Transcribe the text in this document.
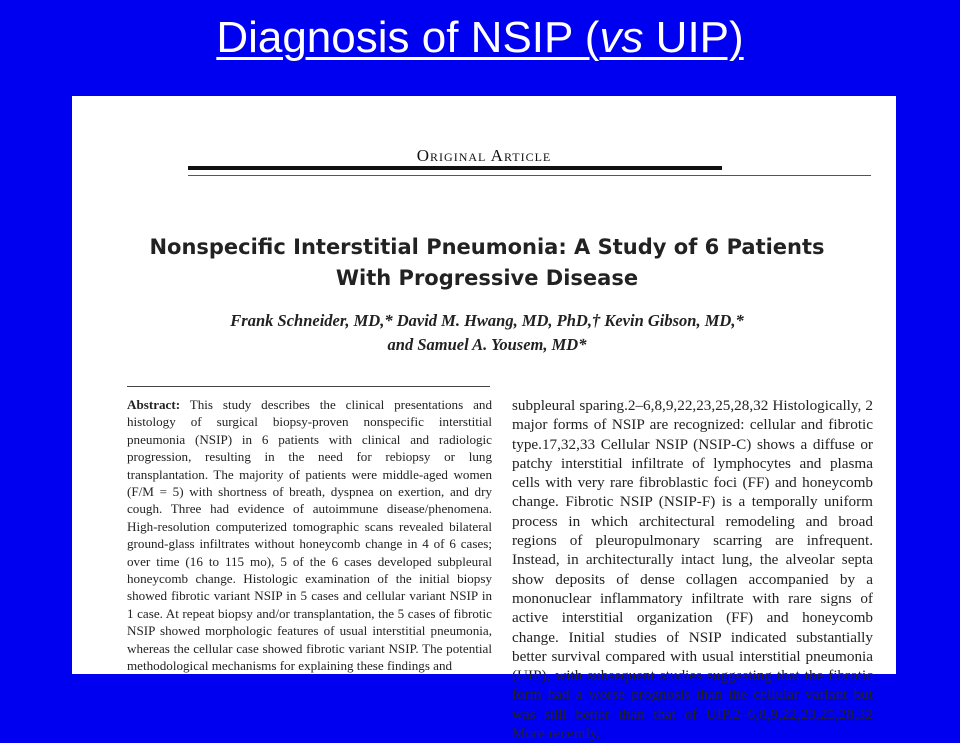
Diagnosis of NSIP (vs UIP)
Original Article
Nonspecific Interstitial Pneumonia: A Study of 6 Patients
With Progressive Disease
Frank Schneider, MD,* David M. Hwang, MD, PhD,† Kevin Gibson, MD,*
and Samuel A. Yousem, MD*
Abstract: This study describes the clinical presentations and histology of surgical biopsy-proven nonspecific interstitial pneumonia (NSIP) in 6 patients with clinical and radiologic progression, resulting in the need for rebiopsy or lung transplantation. The majority of patients were middle-aged women (F/M = 5) with shortness of breath, dyspnea on exertion, and dry cough. Three had evidence of autoimmune disease/phenomena. High-resolution computerized tomographic scans revealed bilateral ground-glass infiltrates without honeycomb change in 4 of 6 cases; over time (16 to 115 mo), 5 of the 6 cases developed subpleural honeycomb change. Histologic examination of the initial biopsy showed fibrotic variant NSIP in 5 cases and cellular variant NSIP in 1 case. At repeat biopsy and/or transplantation, the 5 cases of fibrotic NSIP showed morphologic features of usual interstitial pneumonia, whereas the cellular case showed fibrotic variant NSIP. The potential methodological mechanisms for explaining these findings and
subpleural sparing.2–6,8,9,22,23,25,28,32 Histologically, 2 major forms of NSIP are recognized: cellular and fibrotic type.17,32,33 Cellular NSIP (NSIP-C) shows a diffuse or patchy interstitial infiltrate of lymphocytes and plasma cells with very rare fibroblastic foci (FF) and honeycomb change. Fibrotic NSIP (NSIP-F) is a temporally uniform process in which architectural remodeling and broad regions of pleuropulmonary scarring are infrequent. Instead, in architecturally intact lung, the alveolar septa show deposits of dense collagen accompanied by a mononuclear inflammatory infiltrate with rare signs of active interstitial organization (FF) and honeycomb change. Initial studies of NSIP indicated substantially better survival compared with usual interstitial pneumonia (UIP), with subsequent studies suggesting that the fibrotic form had a worse prognosis than the cellular variant but was still better than that of UIP.2–6,8,9,22,23,25,28,32 More recently,
